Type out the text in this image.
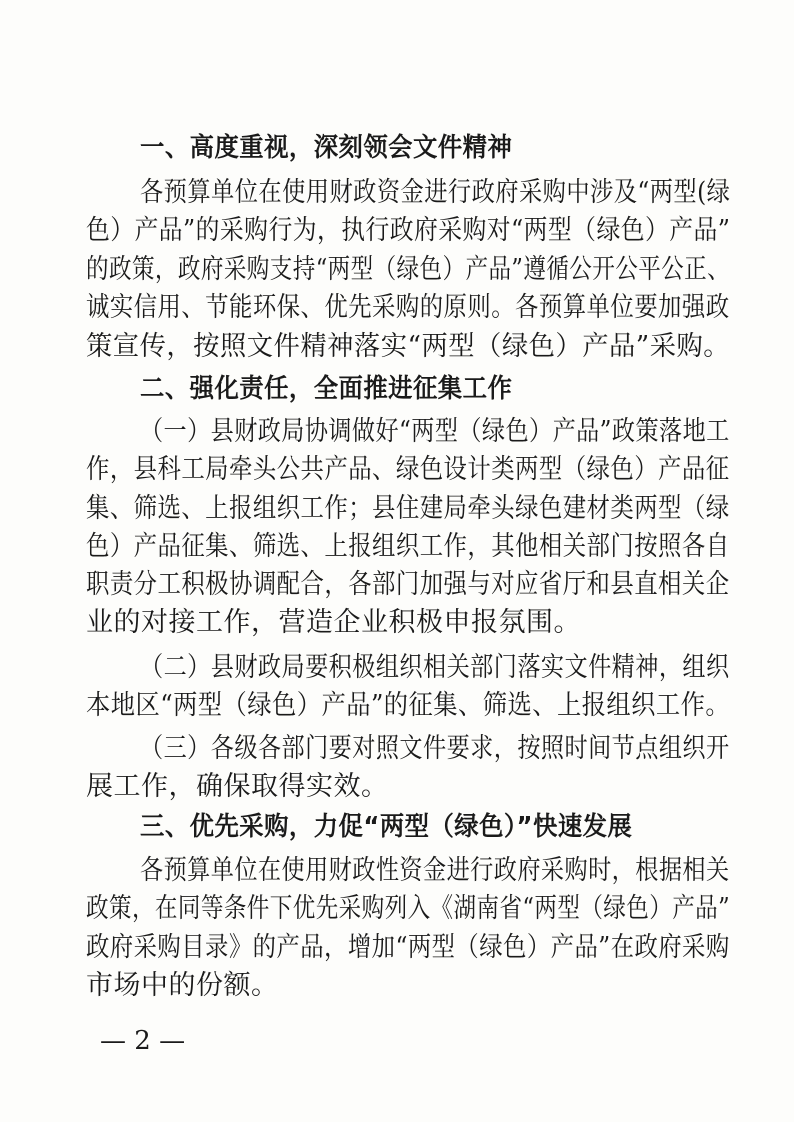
一、高度重视，深刻领会文件精神
各预算单位在使用财政资金进行政府采购中涉及“两型(绿
色）产品”的采购行为，执行政府采购对“两型（绿色）产品”
的政策，政府采购支持“两型（绿色）产品”遵循公开公平公正、
诚实信用、节能环保、优先采购的原则。各预算单位要加强政
策宣传，按照文件精神落实“两型（绿色）产品”采购。
二、强化责任，全面推进征集工作
（一）县财政局协调做好“两型（绿色）产品”政策落地工
作，县科工局牵头公共产品、绿色设计类两型（绿色）产品征
集、筛选、上报组织工作；县住建局牵头绿色建材类两型（绿
色）产品征集、筛选、上报组织工作，其他相关部门按照各自
职责分工积极协调配合，各部门加强与对应省厅和县直相关企
业的对接工作，营造企业积极申报氛围。
（二）县财政局要积极组织相关部门落实文件精神，组织
本地区“两型（绿色）产品”的征集、筛选、上报组织工作。
（三）各级各部门要对照文件要求，按照时间节点组织开
展工作，确保取得实效。
三、优先采购，力促“两型（绿色）”快速发展
各预算单位在使用财政性资金进行政府采购时，根据相关
政策，在同等条件下优先采购列入《湖南省“两型（绿色）产品”
政府采购目录》的产品，增加“两型（绿色）产品”在政府采购
市场中的份额。
— 2 —
